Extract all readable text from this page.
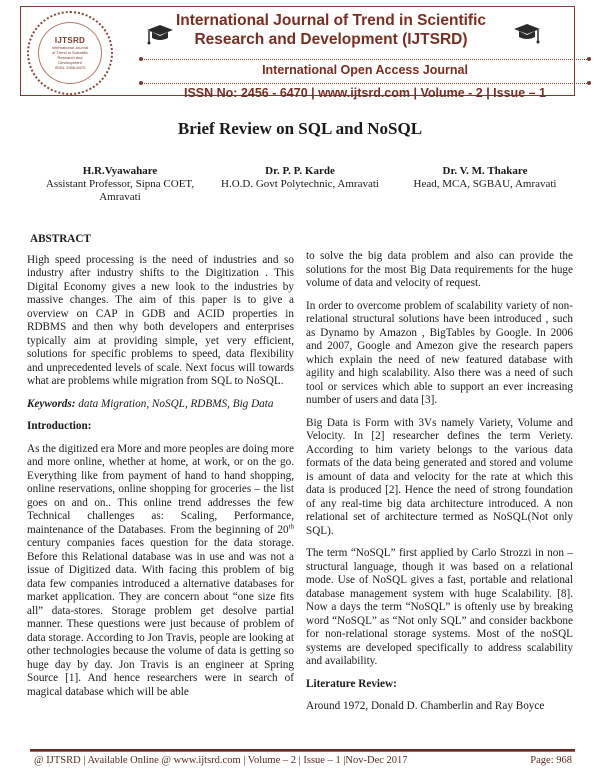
IJTSRD
International Journal
of Trend in Scientific
Research and
Development
ISSN: 2456-6470
International Journal of Trend in Scientific
Research and Development (IJTSRD)
International Open Access Journal
ISSN No: 2456 - 6470 | www.ijtsrd.com | Volume - 2 | Issue – 1
Brief Review on SQL and NoSQL
H.R.Vyawahare
Assistant Professor, Sipna COET, Amravati
Dr. P. P. Karde
H.O.D. Govt Polytechnic, Amravati
Dr. V. M. Thakare
Head, MCA, SGBAU, Amravati
ABSTRACT

High speed processing is the need of industries and so industry after industry shifts to the Digitization . This Digital Economy gives a new look to the industries by massive changes. The aim of this paper is to give a overview on CAP in GDB and ACID properties in RDBMS and then why both developers and enterprises typically aim at providing simple, yet very efficient, solutions for specific problems to speed, data flexibility and unprecedented levels of scale. Next focus will towards what are problems while migration from SQL to NoSQL.

Keywords: data Migration, NoSQL, RDBMS, Big Data

Introduction:

As the digitized era More and more peoples are doing more and more online, whether at home, at work, or on the go. Everything like from payment of hand to hand shopping, online reservations, online shopping for groceries – the list goes on and on.. This online trend addresses the few Technical challenges as: Scaling, Performance, maintenance of the Databases. From the beginning of 20th century companies faces question for the data storage. Before this Relational database was in use and was not a issue of Digitized data. With facing this problem of big data few companies introduced a alternative databases for market application. They are concern about “one size fits all” data-stores. Storage problem get desolve partial manner. These questions were just because of problem of data storage. According to Jon Travis, people are looking at other technologies because the volume of data is getting so huge day by day. Jon Travis is an engineer at Spring Source [1]. And hence researchers were in search of magical database which will be able

to solve the big data problem and also can provide the solutions for the most Big Data requirements for the huge volume of data and velocity of request.

In order to overcome problem of scalability variety of non-relational structural solutions have been introduced , such as Dynamo by Amazon , BigTables by Google. In 2006 and 2007, Google and Amezon give the research papers which explain the need of new featured database with agility and high scalability. Also there was a need of such tool or services which able to support an ever increasing number of users and data [3].

Big Data is Form with 3Vs namely Variety, Volume and Velocity. In [2] researcher defines the term Veriety. According to him variety belongs to the various data formats of the data being generated and stored and volume is amount of data and velocity for the rate at which this data is produced [2]. Hence the need of strong foundation of any real-time big data architecture introduced. A non relational set of architecture termed as NoSQL(Not only SQL).

The term “NoSQL” first applied by Carlo Strozzi in non –structural language, though it was based on a relational mode. Use of NoSQL gives a fast, portable and relational database management system with huge Scalability. [8]. Now a days the term “NoSQL” is oftenly use by breaking word “NoSQL” as “Not only SQL” and consider backbone for non-relational storage systems. Most of the noSQL systems are developed specifically to address scalability and availability.

Literature Review:

Around 1972, Donald D. Chamberlin and Ray Boyce

@ IJTSRD | Available Online @ www.ijtsrd.com | Volume – 2 | Issue – 1 |Nov-Dec 2017	Page: 968
